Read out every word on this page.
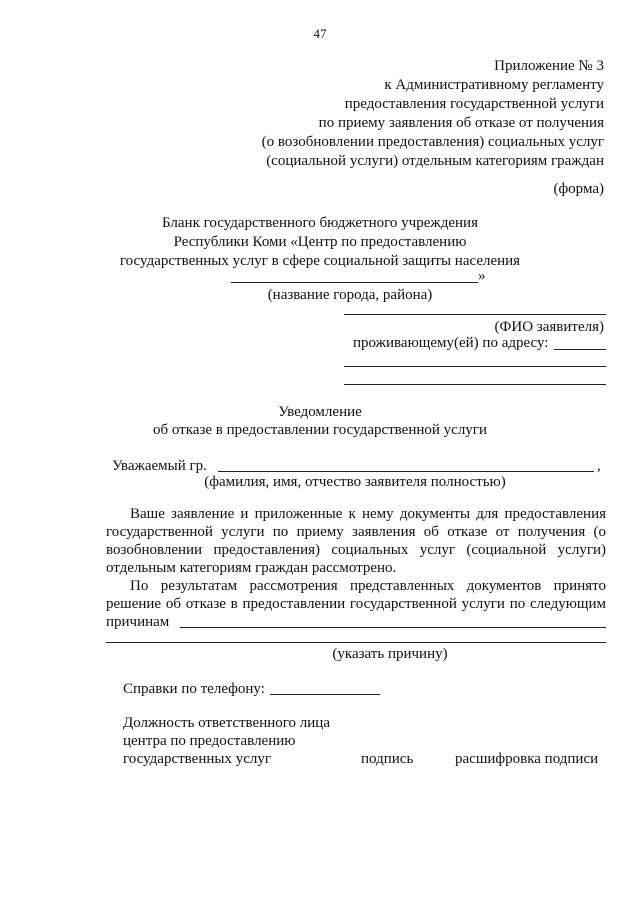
47
Приложение № 3
к Административному регламенту
предоставления государственной услуги
по приему заявления об отказе от получения
(о возобновлении предоставления) социальных услуг
(социальной услуги) отдельным категориям граждан
(форма)
Бланк государственного бюджетного учреждения
Республики Коми «Центр по предоставлению
государственных услуг в сфере социальной защиты населения
»
(название города, района)
(ФИО заявителя)
проживающему(ей) по адресу:
Уведомление
об отказе в предоставлении государственной услуги
Уважаемый гр.	,
(фамилия, имя, отчество заявителя полностью)
Ваше заявление и приложенные к нему документы для предоставления
государственной услуги по приему заявления об отказе от получения (о
возобновлении предоставления) социальных услуг (социальной услуги)
отдельным категориям граждан рассмотрено.
По результатам рассмотрения представленных документов принято
решение об отказе в предоставлении государственной услуги по следующим
причинам
(указать причину)
Справки по телефону:
Должность ответственного лица
центра по предоставлению
государственных услуг	подпись	расшифровка подписи
